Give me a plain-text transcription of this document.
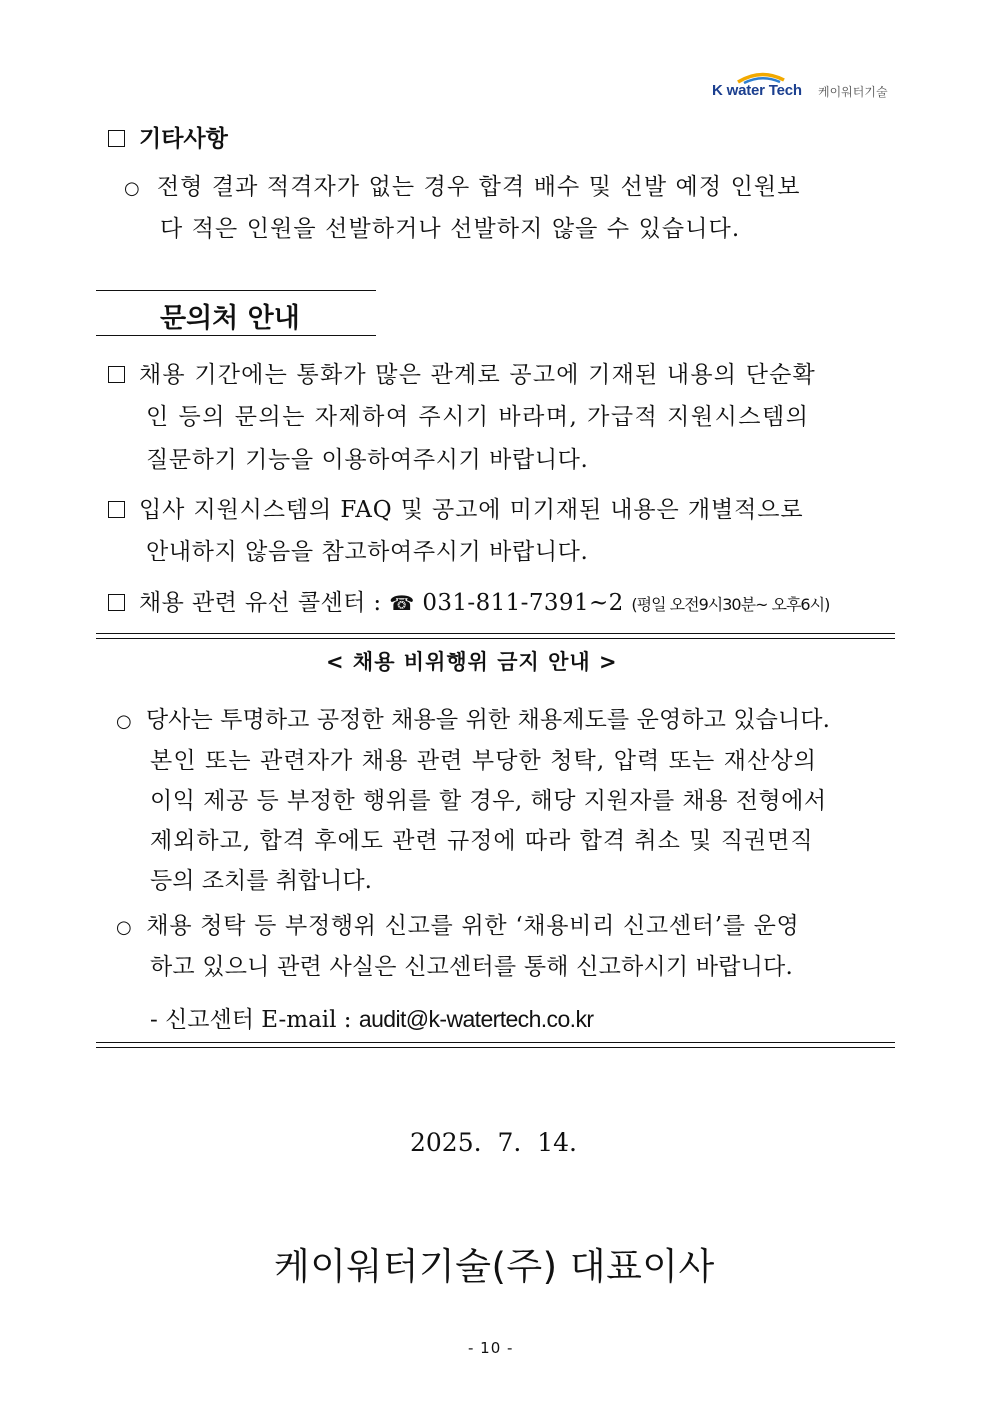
K water Tech 케이워터기술
기타사항
○ 전형 결과 적격자가 없는 경우 합격 배수 및 선발 예정 인원보
다 적은 인원을 선발하거나 선발하지 않을 수 있습니다.
문의처 안내
채용 기간에는 통화가 많은 관계로 공고에 기재된 내용의 단순확
인 등의 문의는 자제하여 주시기 바라며, 가급적 지원시스템의
질문하기 기능을 이용하여주시기 바랍니다.
입사 지원시스템의 FAQ 및 공고에 미기재된 내용은 개별적으로
안내하지 않음을 참고하여주시기 바랍니다.
채용 관련 유선 콜센터 : ☎ 031-811-7391~2 (평일 오전9시30분~ 오후6시)
< 채용 비위행위 금지 안내 >
○ 당사는 투명하고 공정한 채용을 위한 채용제도를 운영하고 있습니다.
본인 또는 관련자가 채용 관련 부당한 청탁, 압력 또는 재산상의
이익 제공 등 부정한 행위를 할 경우, 해당 지원자를 채용 전형에서
제외하고, 합격 후에도 관련 규정에 따라 합격 취소 및 직권면직
등의 조치를 취합니다.
○ 채용 청탁 등 부정행위 신고를 위한 ‘채용비리 신고센터’를 운영
하고 있으니 관련 사실은 신고센터를 통해 신고하시기 바랍니다.
- 신고센터 E-mail : audit@k-watertech.co.kr
2025.  7.  14.
케이워터기술(주) 대표이사
- 10 -
